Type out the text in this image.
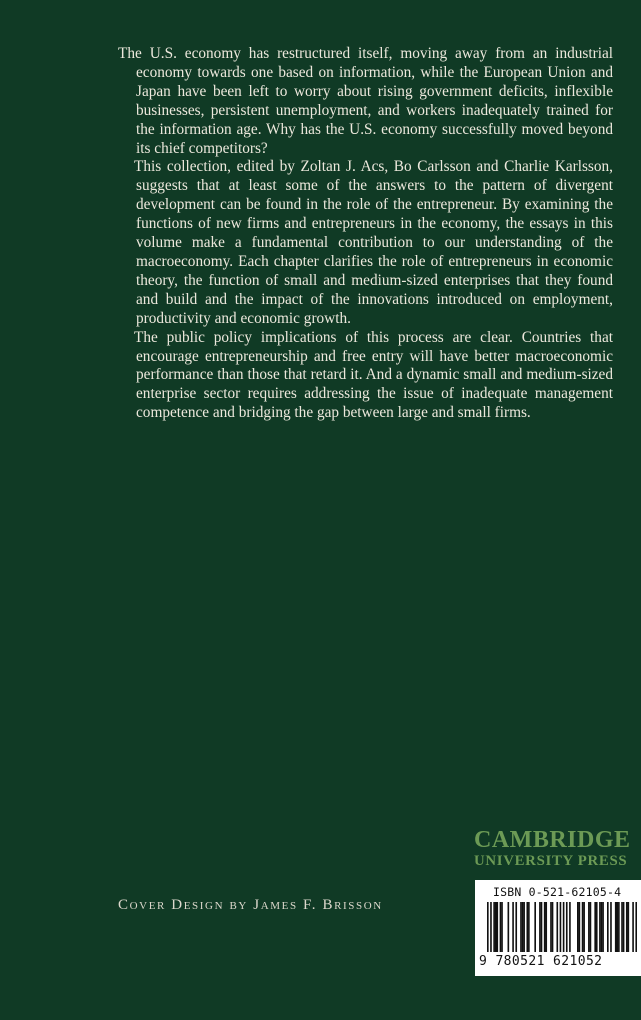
The U.S. economy has restructured itself, moving away from an industrial economy towards one based on information, while the European Union and Japan have been left to worry about rising government deficits, inflexible businesses, persistent unemployment, and workers inadequately trained for the information age. Why has the U.S. economy successfully moved beyond its chief competitors?

This collection, edited by Zoltan J. Acs, Bo Carlsson and Charlie Karlsson, suggests that at least some of the answers to the pattern of divergent development can be found in the role of the entrepreneur. By examining the functions of new firms and entrepreneurs in the economy, the essays in this volume make a fundamental contribution to our understanding of the macroeconomy. Each chapter clarifies the role of entrepreneurs in economic theory, the function of small and medium-sized enterprises that they found and build and the impact of the innovations introduced on employment, productivity and economic growth.

The public policy implications of this process are clear. Countries that encourage entrepreneurship and free entry will have better macroeconomic performance than those that retard it. And a dynamic small and medium-sized enterprise sector requires addressing the issue of inadequate management competence and bridging the gap between large and small firms.

CAMBRIDGE
UNIVERSITY PRESS
Cover Design by James F. Brisson
ISBN 0-521-62105-4
9 780521 621052
